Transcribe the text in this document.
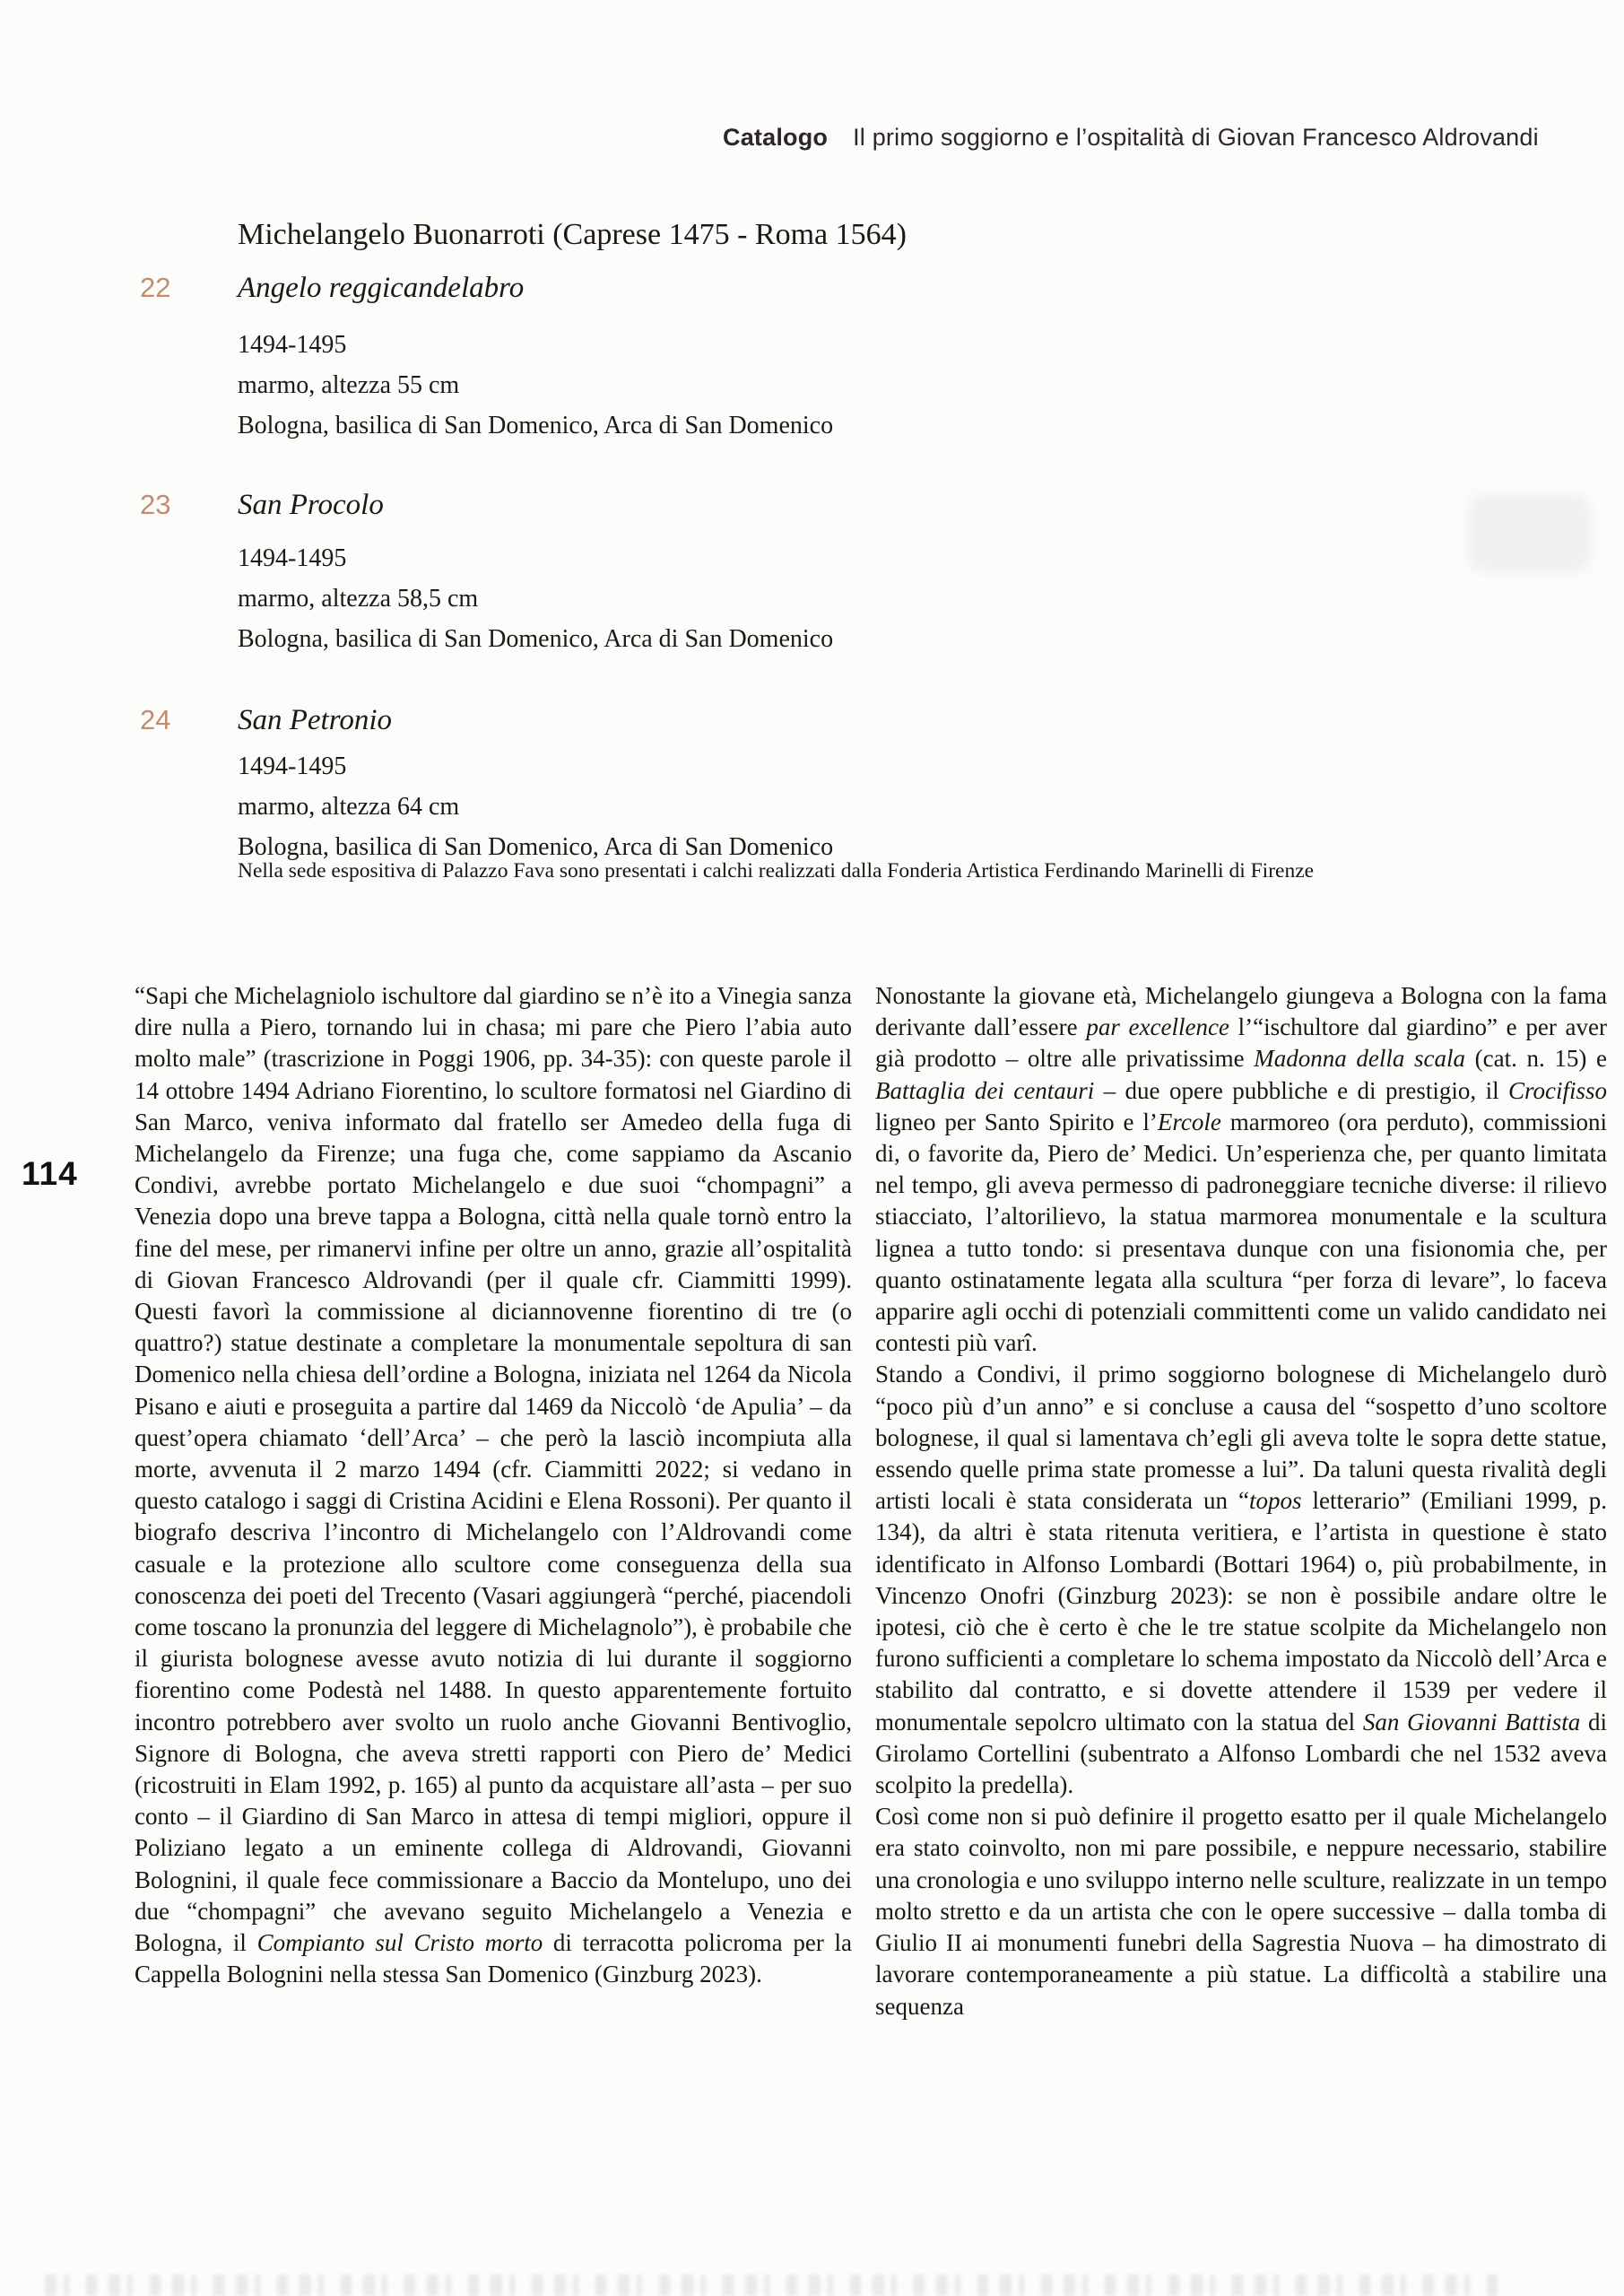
Catalogo Il primo soggiorno e l’ospitalità di Giovan Francesco Aldrovandi
Michelangelo Buonarroti (Caprese 1475 - Roma 1564)
22 Angelo reggicandelabro
1494-1495
marmo, altezza 55 cm
Bologna, basilica di San Domenico, Arca di San Domenico
23 San Procolo
1494-1495
marmo, altezza 58,5 cm
Bologna, basilica di San Domenico, Arca di San Domenico
24 San Petronio
1494-1495
marmo, altezza 64 cm
Bologna, basilica di San Domenico, Arca di San Domenico

Nella sede espositiva di Palazzo Fava sono presentati i calchi realizzati dalla Fonderia Artistica Ferdinando Marinelli di Firenze

114

“Sapi che Michelagniolo ischultore dal giardino se n’è ito a Vinegia sanza dire nulla a Piero, tornando lui in chasa; mi pare che Piero l’abia auto molto male” (trascrizione in Poggi 1906, pp. 34-35): con queste parole il 14 ottobre 1494 Adriano Fiorentino, lo scultore formatosi nel Giardino di San Marco, veniva informato dal fratello ser Amedeo della fuga di Michelangelo da Firenze; una fuga che, come sappiamo da Ascanio Condivi, avrebbe portato Michelangelo e due suoi “chompagni” a Venezia dopo una breve tappa a Bologna, città nella quale tornò entro la fine del mese, per rimanervi infine per oltre un anno, grazie all’ospitalità di Giovan Francesco Aldrovandi (per il quale cfr. Ciammitti 1999). Questi favorì la commissione al diciannovenne fiorentino di tre (o quattro?) statue destinate a completare la monumentale sepoltura di san Domenico nella chiesa dell’ordine a Bologna, iniziata nel 1264 da Nicola Pisano e aiuti e proseguita a partire dal 1469 da Niccolò ‘de Apulia’ – da quest’opera chiamato ‘dell’Arca’ – che però la lasciò incompiuta alla morte, avvenuta il 2 marzo 1494 (cfr. Ciammitti 2022; si vedano in questo catalogo i saggi di Cristina Acidini e Elena Rossoni). Per quanto il biografo descriva l’incontro di Michelangelo con l’Aldrovandi come casuale e la protezione allo scultore come conseguenza della sua conoscenza dei poeti del Trecento (Vasari aggiungerà “perché, piacendoli come toscano la pronunzia del leggere di Michelagnolo”), è probabile che il giurista bolognese avesse avuto notizia di lui durante il soggiorno fiorentino come Podestà nel 1488. In questo apparentemente fortuito incontro potrebbero aver svolto un ruolo anche Giovanni Bentivoglio, Signore di Bologna, che aveva stretti rapporti con Piero de’ Medici (ricostruiti in Elam 1992, p. 165) al punto da acquistare all’asta – per suo conto – il Giardino di San Marco in attesa di tempi migliori, oppure il Poliziano legato a un eminente collega di Aldrovandi, Giovanni Bolognini, il quale fece commissionare a Baccio da Montelupo, uno dei due “chompagni” che avevano seguito Michelangelo a Venezia e Bologna, il Compianto sul Cristo morto di terracotta policroma per la Cappella Bolognini nella stessa San Domenico (Ginzburg 2023).

Nonostante la giovane età, Michelangelo giungeva a Bologna con la fama derivante dall’essere par excellence l’“ischultore dal giardino” e per aver già prodotto – oltre alle privatissime Madonna della scala (cat. n. 15) e Battaglia dei centauri – due opere pubbliche e di prestigio, il Crocifisso ligneo per Santo Spirito e l’Ercole marmoreo (ora perduto), commissioni di, o favorite da, Piero de’ Medici. Un’esperienza che, per quanto limitata nel tempo, gli aveva permesso di padroneggiare tecniche diverse: il rilievo stiacciato, l’altorilievo, la statua marmorea monumentale e la scultura lignea a tutto tondo: si presentava dunque con una fisionomia che, per quanto ostinatamente legata alla scultura “per forza di levare”, lo faceva apparire agli occhi di potenziali committenti come un valido candidato nei contesti più varî.

Stando a Condivi, il primo soggiorno bolognese di Michelangelo durò “poco più d’un anno” e si concluse a causa del “sospetto d’uno scoltore bolognese, il qual si lamentava ch’egli gli aveva tolte le sopra dette statue, essendo quelle prima state promesse a lui”. Da taluni questa rivalità degli artisti locali è stata considerata un “topos letterario” (Emiliani 1999, p. 134), da altri è stata ritenuta veritiera, e l’artista in questione è stato identificato in Alfonso Lombardi (Bottari 1964) o, più probabilmente, in Vincenzo Onofri (Ginzburg 2023): se non è possibile andare oltre le ipotesi, ciò che è certo è che le tre statue scolpite da Michelangelo non furono sufficienti a completare lo schema impostato da Niccolò dell’Arca e stabilito dal contratto, e si dovette attendere il 1539 per vedere il monumentale sepolcro ultimato con la statua del San Giovanni Battista di Girolamo Cortellini (subentrato a Alfonso Lombardi che nel 1532 aveva scolpito la predella).

Così come non si può definire il progetto esatto per il quale Michelangelo era stato coinvolto, non mi pare possibile, e neppure necessario, stabilire una cronologia e uno sviluppo interno nelle sculture, realizzate in un tempo molto stretto e da un artista che con le opere successive – dalla tomba di Giulio II ai monumenti funebri della Sagrestia Nuova – ha dimostrato di lavorare contemporaneamente a più statue. La difficoltà a stabilire una sequenza
